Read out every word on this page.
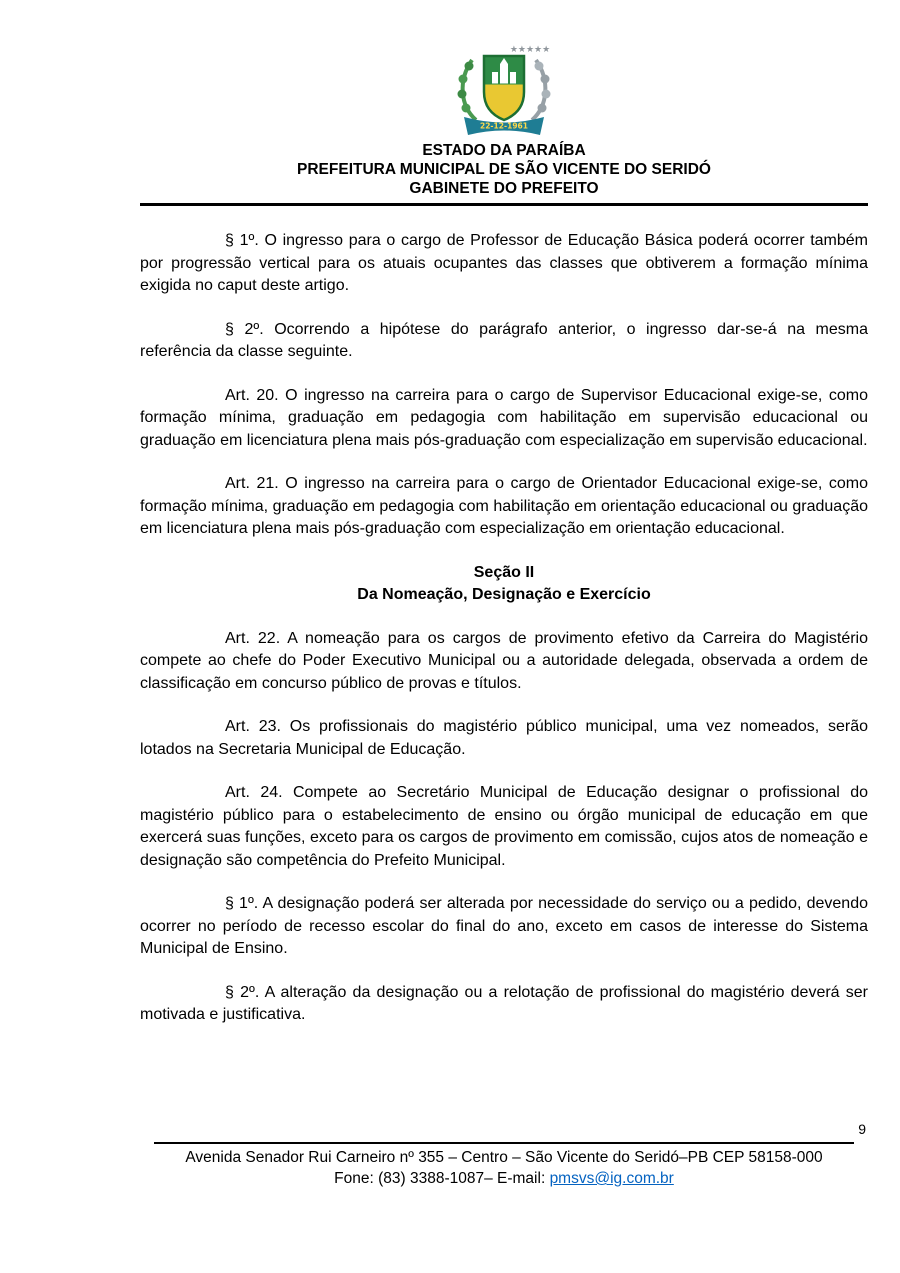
★★★★★
22-12-1961
ESTADO DA PARAÍBA
PREFEITURA MUNICIPAL DE SÃO VICENTE DO SERIDÓ
GABINETE DO PREFEITO

§ 1º. O ingresso para o cargo de Professor de Educação Básica poderá ocorrer também por progressão vertical para os atuais ocupantes das classes que obtiverem a formação mínima exigida no caput deste artigo.

§ 2º. Ocorrendo a hipótese do parágrafo anterior, o ingresso dar-se-á na mesma referência da classe seguinte.

Art. 20. O ingresso na carreira para o cargo de Supervisor Educacional exige-se, como formação mínima, graduação em pedagogia com habilitação em supervisão educacional ou graduação em licenciatura plena mais pós-graduação com especialização em supervisão educacional.

Art. 21. O ingresso na carreira para o cargo de Orientador Educacional exige-se, como formação mínima, graduação em pedagogia com habilitação em orientação educacional ou graduação em licenciatura plena mais pós-graduação com especialização em orientação educacional.

Seção II
Da Nomeação, Designação e Exercício

Art. 22. A nomeação para os cargos de provimento efetivo da Carreira do Magistério compete ao chefe do Poder Executivo Municipal ou a autoridade delegada, observada a ordem de classificação em concurso público de provas e títulos.

Art. 23. Os profissionais do magistério público municipal, uma vez nomeados, serão lotados na Secretaria Municipal de Educação.

Art. 24. Compete ao Secretário Municipal de Educação designar o profissional do magistério público para o estabelecimento de ensino ou órgão municipal de educação em que exercerá suas funções, exceto para os cargos de provimento em comissão, cujos atos de nomeação e designação são competência do Prefeito Municipal.

§ 1º. A designação poderá ser alterada por necessidade do serviço ou a pedido, devendo ocorrer no período de recesso escolar do final do ano, exceto em casos de interesse do Sistema Municipal de Ensino.

§ 2º. A alteração da designação ou a relotação de profissional do magistério deverá ser motivada e justificativa.

9
Avenida Senador Rui Carneiro nº 355 – Centro – São Vicente do Seridó–PB CEP 58158-000
Fone: (83) 3388-1087– E-mail: pmsvs@ig.com.br
